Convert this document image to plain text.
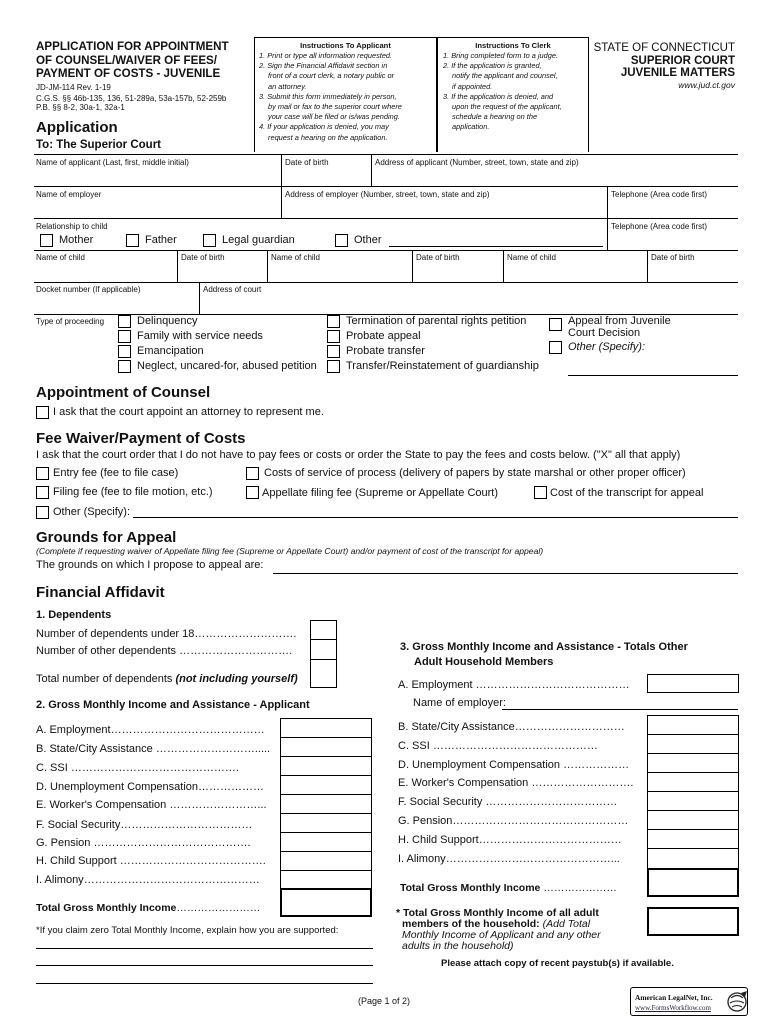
APPLICATION FOR APPOINTMENT
OF COUNSEL/WAIVER OF FEES/
PAYMENT OF COSTS - JUVENILE
JD-JM-114 Rev. 1-19
C.G.S. §§ 46b-135, 136, 51-289a, 53a-157b, 52-259b
P.B. §§ 8-2, 30a-1, 32a-1
Application
To: The Superior Court
Instructions To Applicant
1. Print or type all information requested.
2. Sign the Financial Affidavit section in
front of a court clerk, a notary public or
an attorney.
3. Submit this form immediately in person,
by mail or fax to the superior court where
your case will be filed or is/was pending.
4. If your application is denied, you may
request a hearing on the application.
Instructions To Clerk
1. Bring completed form to a judge.
2. If the application is granted,
notify the applicant and counsel,
if appointed.
3. If the application is denied, and
upon the request of the applicant,
schedule a hearing on the
application.
STATE OF CONNECTICUT
SUPERIOR COURT
JUVENILE MATTERS
www.jud.ct.gov
Name of applicant (Last, first, middle initial)	Date of birth	Address of applicant (Number, street, town, state and zip)
Name of employer	Address of employer (Number, street, town, state and zip)	Telephone (Area code first)
Relationship to child	Telephone (Area code first)
Mother	Father	Legal guardian	Other
Name of child	Date of birth	Name of child	Date of birth	Name of child	Date of birth
Docket number (If applicable)	Address of court
Type of proceeding	Delinquency
Family with service needs
Emancipation
Neglect, uncared-for, abused petition
Termination of parental rights petition
Probate appeal
Probate transfer
Transfer/Reinstatement of guardianship
Appeal from Juvenile
Court Decision
Other (Specify):
Appointment of Counsel
I ask that the court appoint an attorney to represent me.
Fee Waiver/Payment of Costs
I ask that the court order that I do not have to pay fees or costs or order the State to pay the fees and costs below. ("X" all that apply)
Entry fee (fee to file case)	Costs of service of process (delivery of papers by state marshal or other proper officer)
Filing fee (fee to file motion, etc.)	Appellate filing fee (Supreme or Appellate Court)	Cost of the transcript for appeal
Other (Specify):
Grounds for Appeal
(Complete if requesting waiver of Appellate filing fee (Supreme or Appellate Court) and/or payment of cost of the transcript for appeal)
The grounds on which I propose to appeal are:
Financial Affidavit
1. Dependents
Number of dependents under 18……………………….
Number of other dependents ………………………….
Total number of dependents (not including yourself)
2. Gross Monthly Income and Assistance - Applicant
A. Employment……………………………………
B. State/City Assistance ……………………….....
C. SSI ……………………………………….
D. Unemployment Compensation………………
E. Worker's Compensation ……………………...
F. Social Security………………………………
G. Pension …………………………………….
H. Child Support ………………………………….
I. Alimony…………………………………………
Total Gross Monthly Income……………………
*If you claim zero Total Monthly Income, explain how you are supported:
3. Gross Monthly Income and Assistance - Totals Other
Adult Household Members
A. Employment ……………………………………
Name of employer:
B. State/City Assistance…………………………
C. SSI ………………………………………
D. Unemployment Compensation ………………
E. Worker's Compensation ……………………….
F. Social Security ………………………………
G. Pension…………………………………………
H. Child Support…………………………………
I. Alimony………………………………………...
Total Gross Monthly Income …………………
* Total Gross Monthly Income of all adult
members of the household: (Add Total
Monthly Income of Applicant and any other
adults in the household)
Please attach copy of recent paystub(s) if available.
(Page 1 of 2)	American LegalNet, Inc.
www.FormsWorkflow.com
